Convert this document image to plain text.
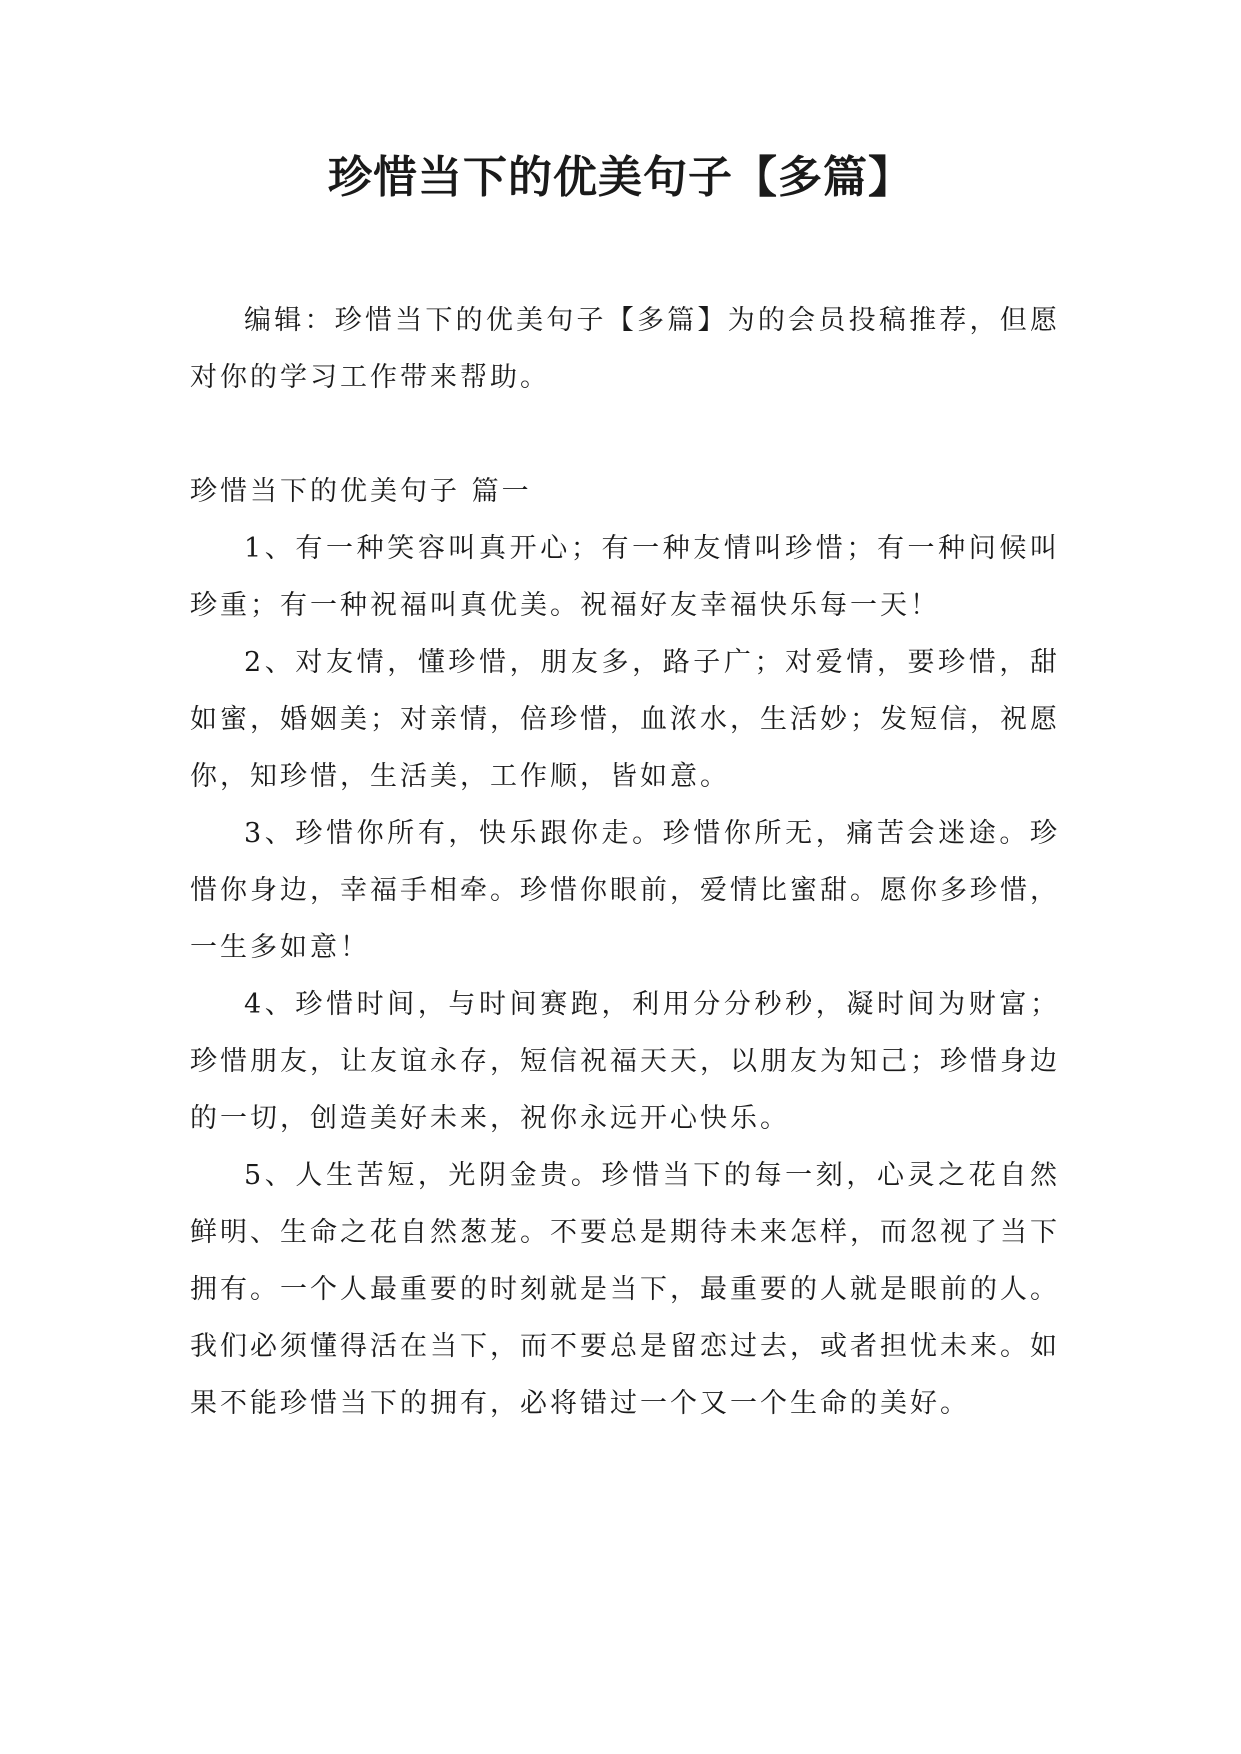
珍惜当下的优美句子【多篇】

编辑：珍惜当下的优美句子【多篇】为的会员投稿推荐，但愿对你的学习工作带来帮助。

珍惜当下的优美句子 篇一

1、有一种笑容叫真开心；有一种友情叫珍惜；有一种问候叫珍重；有一种祝福叫真优美。祝福好友幸福快乐每一天！

2、对友情，懂珍惜，朋友多，路子广；对爱情，要珍惜，甜如蜜，婚姻美；对亲情，倍珍惜，血浓水，生活妙；发短信，祝愿你，知珍惜，生活美，工作顺，皆如意。

3、珍惜你所有，快乐跟你走。珍惜你所无，痛苦会迷途。珍惜你身边，幸福手相牵。珍惜你眼前，爱情比蜜甜。愿你多珍惜，一生多如意！

4、珍惜时间，与时间赛跑，利用分分秒秒，凝时间为财富；珍惜朋友，让友谊永存，短信祝福天天，以朋友为知己；珍惜身边的一切，创造美好未来，祝你永远开心快乐。

5、人生苦短，光阴金贵。珍惜当下的每一刻，心灵之花自然鲜明、生命之花自然葱茏。不要总是期待未来怎样，而忽视了当下拥有。一个人最重要的时刻就是当下，最重要的人就是眼前的人。我们必须懂得活在当下，而不要总是留恋过去，或者担忧未来。如果不能珍惜当下的拥有，必将错过一个又一个生命的美好。
